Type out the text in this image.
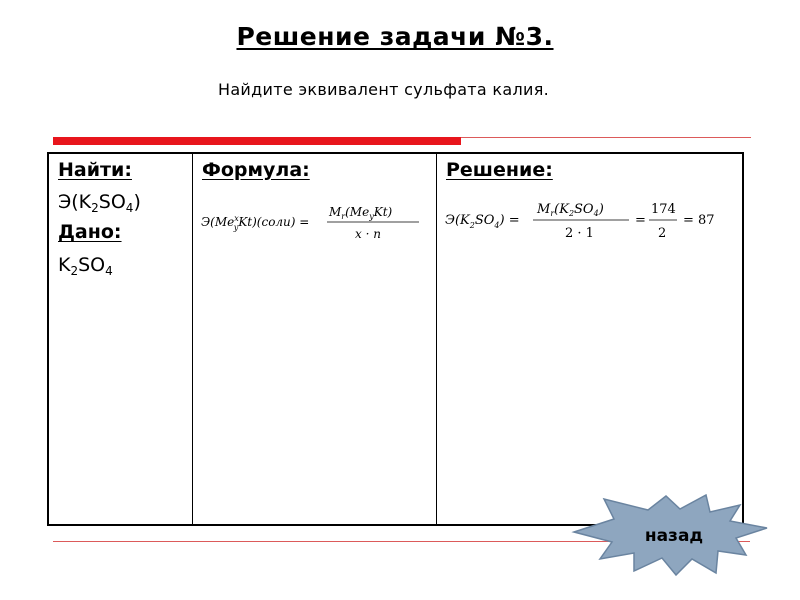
Решение задачи №3.
Найдите эквивалент сульфата калия.
Найти:
$Э(K_2SO_4)$
Дано:
$K_2SO_4$
Формула:
Э(Me$^x$ yKt)(соли) =
$M_r(Me_yKt)$
x · n
Решение:
$Э(K_2SO_4)$ =
$M_r(K_2SO_4)$
2 · 1
=
174
2
= 87
назад
